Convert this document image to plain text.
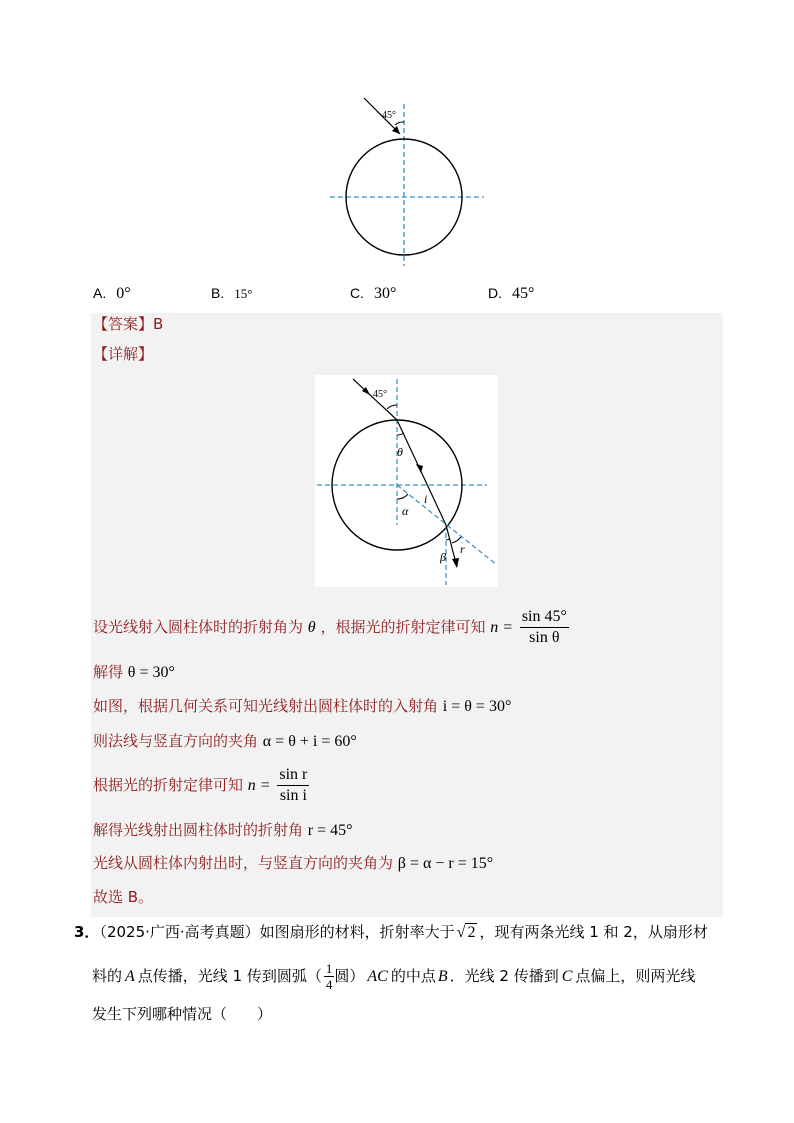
45°
A. 0°	B. 15°	C. 30°	D. 45°
【答案】B
【详解】
45°
θ
i
α
β
r
设光线射入圆柱体时的折射角为 θ ，根据光的折射定律可知 $n = \frac{\sin 45^\circ}{\text{sin θ}}$
解得 θ = 30°
如图，根据几何关系可知光线射出圆柱体时的入射角 i = θ = 30°
则法线与竖直方向的夹角 α = θ + i = 60°
根据光的折射定律可知 $n = \frac{\text{sin r}}{\text{sin i}}$
解得光线射出圆柱体时的折射角 r = 45°
光线从圆柱体内射出时，与竖直方向的夹角为 β = α − r = 15°
故选 B。
3．（2025·广西·高考真题）如图扇形的材料，折射率大于 √ 2 ，现有两条光线 1 和 2，从扇形材
料的 A 点传播，光线 1 传到圆弧（ $\frac{1}{4}$ 圆） AC 的中点 B ．光线 2 传播到 C 点偏上，则两光线
发生下列哪种情况（　　）
